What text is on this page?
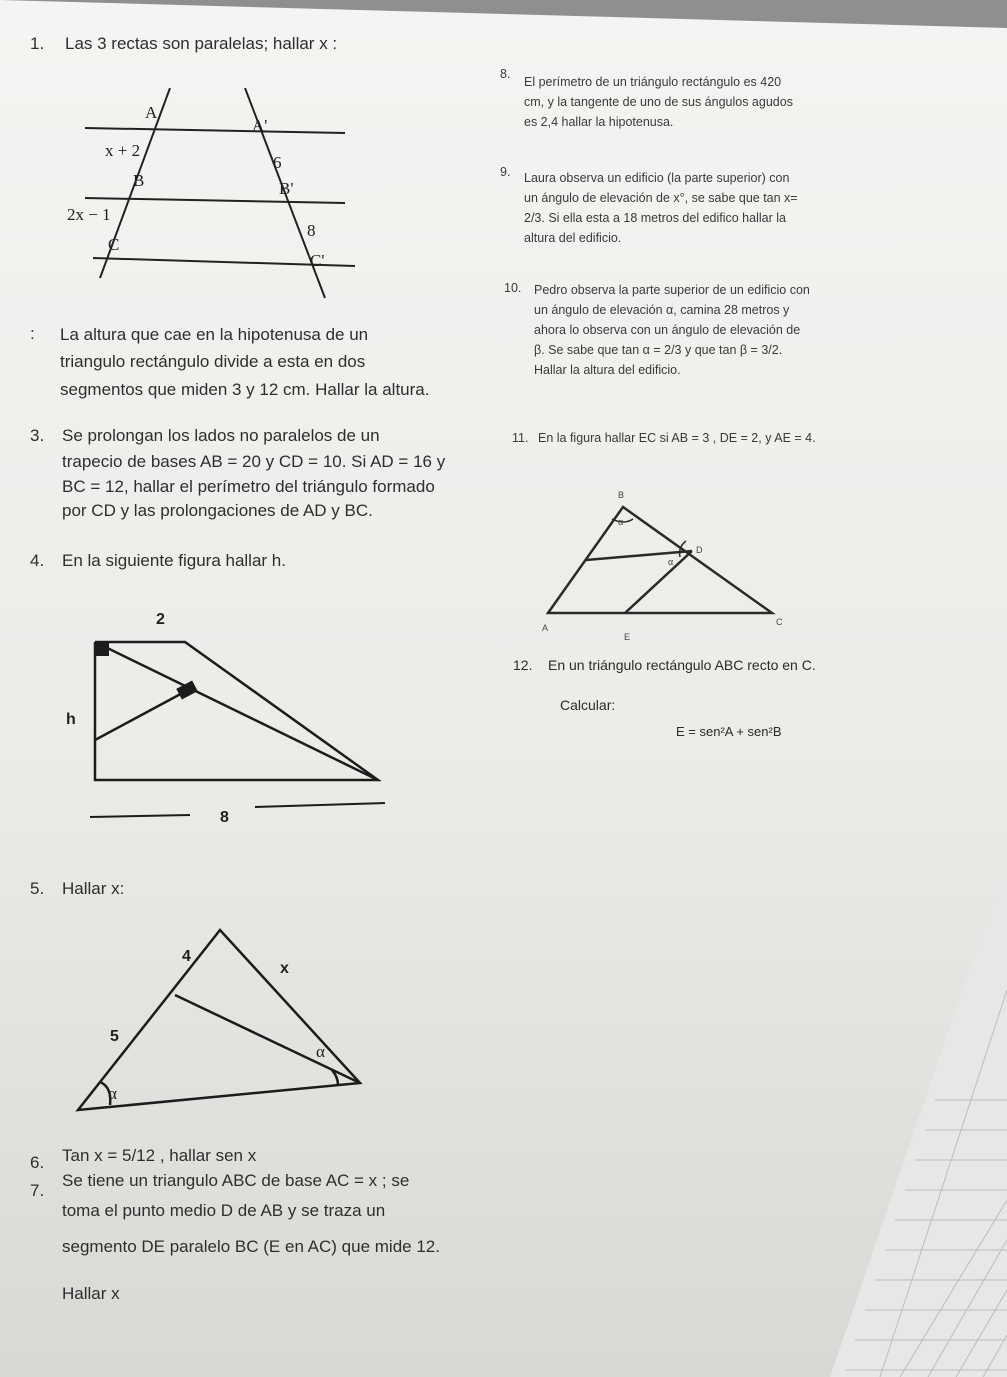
1. Las 3 rectas son paralelas; hallar x :

A
A'
x + 2
6
B	B'
2x − 1
8
C
C'

: La altura que cae en la hipotenusa de un

triangulo rectángulo divide a esta en dos

segmentos que miden 3 y 12 cm. Hallar la altura.

3. Se prolongan los lados no paralelos de un

trapecio de bases AB = 20 y CD = 10. Si AD = 16 y

BC = 12, hallar el perímetro del triángulo formado

por CD y las prolongaciones de AD y BC.

4. En la siguiente figura hallar h.

2
h
8

5. Hallar x:

4
x
5
α
α

6. Tan x = 5/12 , hallar sen x

7.

Se tiene un triangulo ABC de base AC = x ; se

toma el punto medio D de AB y se traza un

segmento DE paralelo BC (E en AC) que mide 12.

Hallar x

8.

El perímetro de un triángulo rectángulo es 420

cm, y la tangente de uno de sus ángulos agudos

es 2,4 hallar la hipotenusa.

9. Laura observa un edificio (la parte superior) con

un ángulo de elevación de x°, se sabe que tan x=

2/3. Si ella esta a 18 metros del edifico hallar la

altura del edificio.

10. Pedro observa la parte superior de un edificio con

un ángulo de elevación α, camina 28 metros y

ahora lo observa con un ángulo de elevación de

β. Se sabe que tan α = 2/3 y que tan β = 3/2.

Hallar la altura del edificio.

11. En la figura hallar EC si AB = 3 , DE = 2, y AE = 4.

B
α
α
D
A
E
C

12. En un triángulo rectángulo ABC recto en C.

Calcular:

E = sen²A + sen²B
